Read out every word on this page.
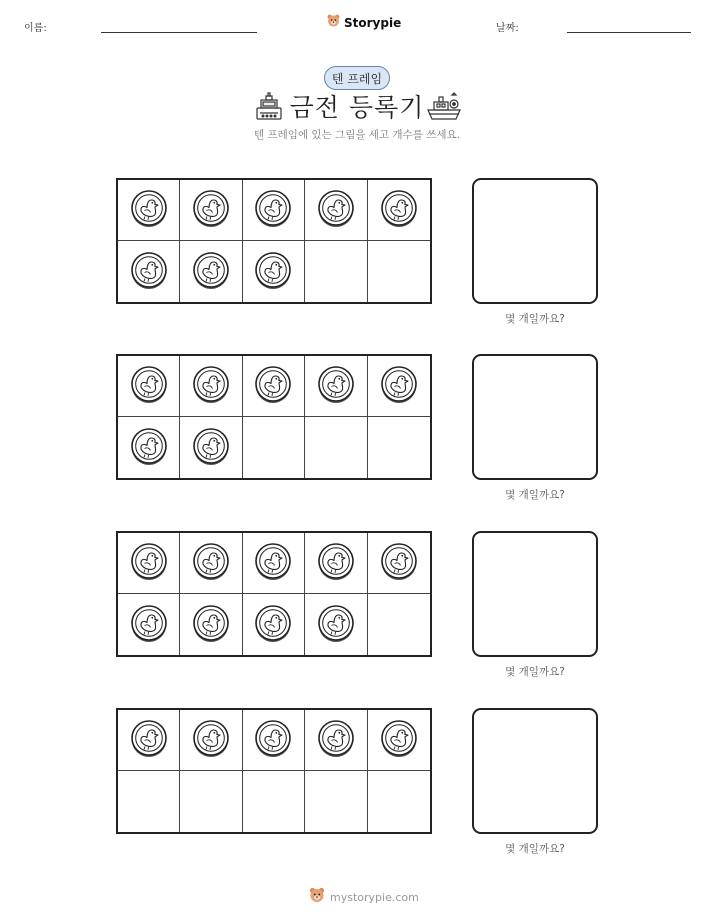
이름:	Storypie	날짜:
텐 프레임
금전 등록기
텐 프레임에 있는 그림을 세고 개수를 쓰세요.
몇 개일까요?
몇 개일까요?
몇 개일까요?
몇 개일까요?
mystorypie.com
